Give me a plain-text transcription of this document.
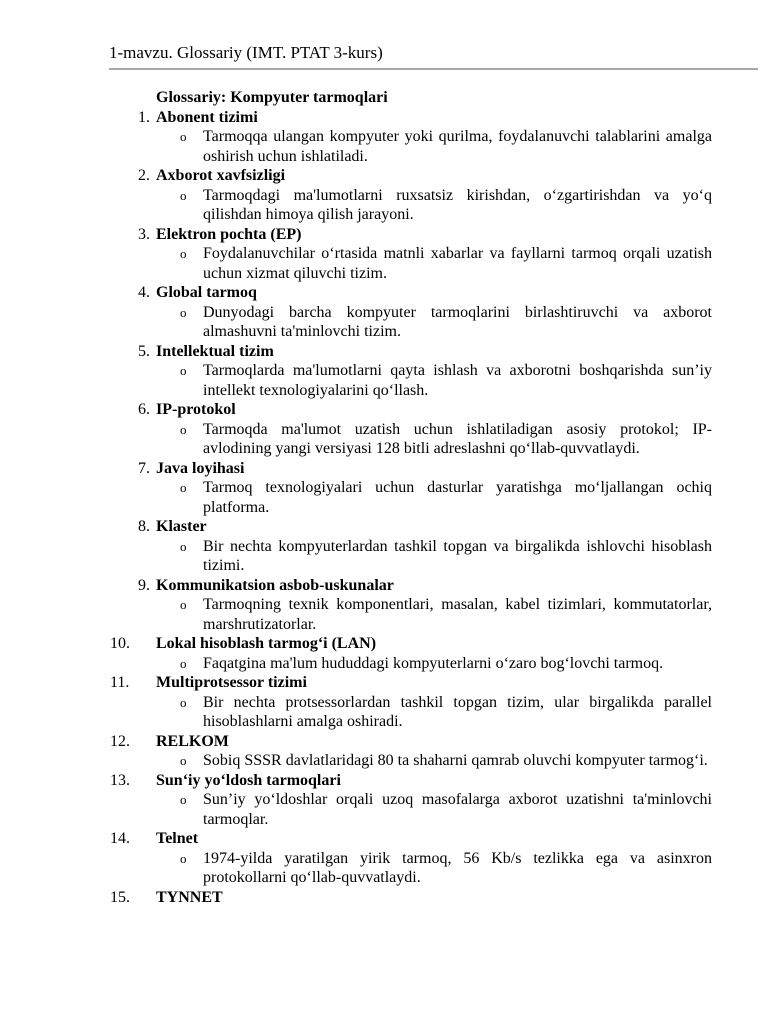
1-mavzu. Glossariy (IMT. PTAT 3-kurs)
Glossariy: Kompyuter tarmoqlari
1. Abonent tizimi
o Tarmoqqa ulangan kompyuter yoki qurilma, foydalanuvchi talablarini amalga oshirish uchun ishlatiladi.
2. Axborot xavfsizligi
o Tarmoqdagi ma'lumotlarni ruxsatsiz kirishdan, o‘zgartirishdan va yo‘q qilishdan himoya qilish jarayoni.
3. Elektron pochta (EP)
o Foydalanuvchilar o‘rtasida matnli xabarlar va fayllarni tarmoq orqali uzatish uchun xizmat qiluvchi tizim.
4. Global tarmoq
o Dunyodagi barcha kompyuter tarmoqlarini birlashtiruvchi va axborot almashuvni ta'minlovchi tizim.
5. Intellektual tizim
o Tarmoqlarda ma'lumotlarni qayta ishlash va axborotni boshqarishda sun’iy intellekt texnologiyalarini qo‘llash.
6. IP-protokol
o Tarmoqda ma'lumot uzatish uchun ishlatiladigan asosiy protokol; IP-avlodining yangi versiyasi 128 bitli adreslashni qo‘llab-quvvatlaydi.
7. Java loyihasi
o Tarmoq texnologiyalari uchun dasturlar yaratishga mo‘ljallangan ochiq platforma.
8. Klaster
o Bir nechta kompyuterlardan tashkil topgan va birgalikda ishlovchi hisoblash tizimi.
9. Kommunikatsion asbob-uskunalar
o Tarmoqning texnik komponentlari, masalan, kabel tizimlari, kommutatorlar, marshrutizatorlar.
10.	Lokal hisoblash tarmog‘i (LAN)
o Faqatgina ma'lum hududdagi kompyuterlarni o‘zaro bog‘lovchi tarmoq.
11.	Multiprotsessor tizimi
o Bir nechta protsessorlardan tashkil topgan tizim, ular birgalikda parallel hisoblashlarni amalga oshiradi.
12.	RELKOM
o Sobiq SSSR davlatlaridagi 80 ta shaharni qamrab oluvchi kompyuter tarmog‘i.
13.	Sun‘iy yo‘ldosh tarmoqlari
o Sun’iy yo‘ldoshlar orqali uzoq masofalarga axborot uzatishni ta'minlovchi tarmoqlar.
14.	Telnet
o 1974-yilda yaratilgan yirik tarmoq, 56 Kb/s tezlikka ega va asinxron protokollarni qo‘llab-quvvatlaydi.
15.	TYNNET
